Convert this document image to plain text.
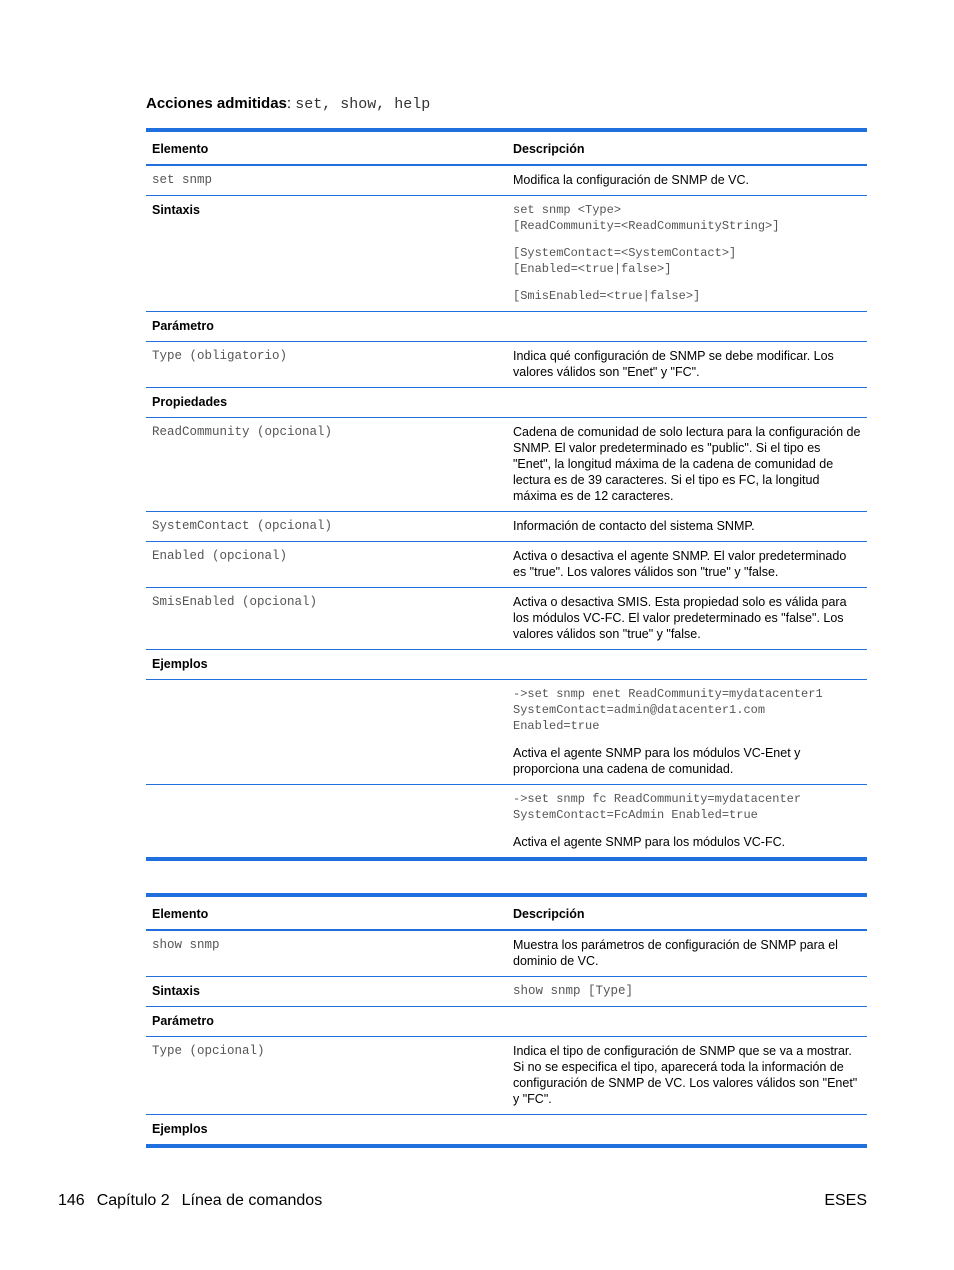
Acciones admitidas: set, show, help
Elemento	Descripción
set snmp	Modifica la configuración de SNMP de VC.
Sintaxis	set snmp <Type>
[ReadCommunity=<ReadCommunityString>]
[SystemContact=<SystemContact>]
[Enabled=<true|false>]
[SmisEnabled=<true|false>]

Parámetro	
Type (obligatorio)	Indica qué configuración de SNMP se debe modificar. Los valores válidos son "Enet" y "FC".
Propiedades	
ReadCommunity (opcional)	Cadena de comunidad de solo lectura para la configuración de SNMP. El valor predeterminado es "public". Si el tipo es "Enet", la longitud máxima de la cadena de comunidad de lectura es de 39 caracteres. Si el tipo es FC, la longitud máxima es de 12 caracteres.
SystemContact (opcional)	Información de contacto del sistema SNMP.
Enabled (opcional)	Activa o desactiva el agente SNMP. El valor predeterminado es "true". Los valores válidos son "true" y "false.
SmisEnabled (opcional)	Activa o desactiva SMIS. Esta propiedad solo es válida para los módulos VC-FC. El valor predeterminado es "false". Los valores válidos son "true" y "false.
Ejemplos	

	->set snmp enet ReadCommunity=mydatacenter1
SystemContact=admin@datacenter1.com
Enabled=true
Activa el agente SNMP para los módulos VC-Enet y proporciona una cadena de comunidad.

	->set snmp fc ReadCommunity=mydatacenter
SystemContact=FcAdmin Enabled=true
Activa el agente SNMP para los módulos VC-FC.
Elemento	Descripción
show snmp	Muestra los parámetros de configuración de SNMP para el dominio de VC.
Sintaxis	show snmp [Type]
Parámetro	
Type (opcional)	Indica el tipo de configuración de SNMP que se va a mostrar. Si no se especifica el tipo, aparecerá toda la información de configuración de SNMP de VC. Los valores válidos son "Enet" y "FC".
Ejemplos	
146 Capítulo 2 Línea de comandos	ESES
